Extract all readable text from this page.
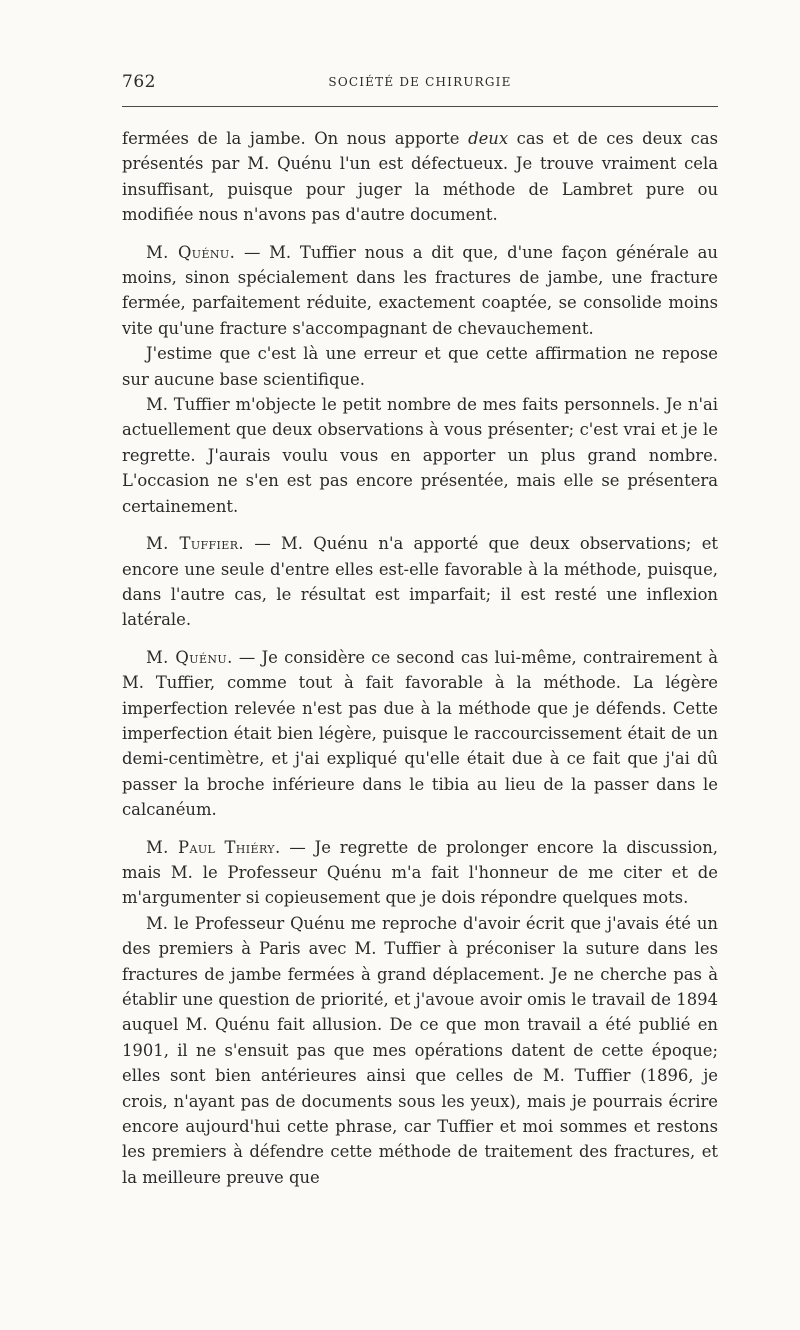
762	SOCIÉTÉ DE CHIRURGIE

fermées de la jambe. On nous apporte deux cas et de ces deux cas présentés par M. Quénu l'un est défectueux. Je trouve vraiment cela insuffisant, puisque pour juger la méthode de Lambret pure ou modifiée nous n'avons pas d'autre document.

M. Quénu. — M. Tuffier nous a dit que, d'une façon générale au moins, sinon spécialement dans les fractures de jambe, une fracture fermée, parfaitement réduite, exactement coaptée, se consolide moins vite qu'une fracture s'accompagnant de chevauchement.

J'estime que c'est là une erreur et que cette affirmation ne repose sur aucune base scientifique.

M. Tuffier m'objecte le petit nombre de mes faits personnels. Je n'ai actuellement que deux observations à vous présenter; c'est vrai et je le regrette. J'aurais voulu vous en apporter un plus grand nombre. L'occasion ne s'en est pas encore présentée, mais elle se présentera certainement.

M. Tuffier. — M. Quénu n'a apporté que deux observations; et encore une seule d'entre elles est-elle favorable à la méthode, puisque, dans l'autre cas, le résultat est imparfait; il est resté une inflexion latérale.

M. Quénu. — Je considère ce second cas lui-même, contrairement à M. Tuffier, comme tout à fait favorable à la méthode. La légère imperfection relevée n'est pas due à la méthode que je défends. Cette imperfection était bien légère, puisque le raccourcissement était de un demi-centimètre, et j'ai expliqué qu'elle était due à ce fait que j'ai dû passer la broche inférieure dans le tibia au lieu de la passer dans le calcanéum.

M. Paul Thiéry. — Je regrette de prolonger encore la discussion, mais M. le Professeur Quénu m'a fait l'honneur de me citer et de m'argumenter si copieusement que je dois répondre quelques mots.

M. le Professeur Quénu me reproche d'avoir écrit que j'avais été un des premiers à Paris avec M. Tuffier à préconiser la suture dans les fractures de jambe fermées à grand déplacement. Je ne cherche pas à établir une question de priorité, et j'avoue avoir omis le travail de 1894 auquel M. Quénu fait allusion. De ce que mon travail a été publié en 1901, il ne s'ensuit pas que mes opérations datent de cette époque; elles sont bien antérieures ainsi que celles de M. Tuffier (1896, je crois, n'ayant pas de documents sous les yeux), mais je pourrais écrire encore aujourd'hui cette phrase, car Tuffier et moi sommes et restons les premiers à défendre cette méthode de traitement des fractures, et la meilleure preuve que
